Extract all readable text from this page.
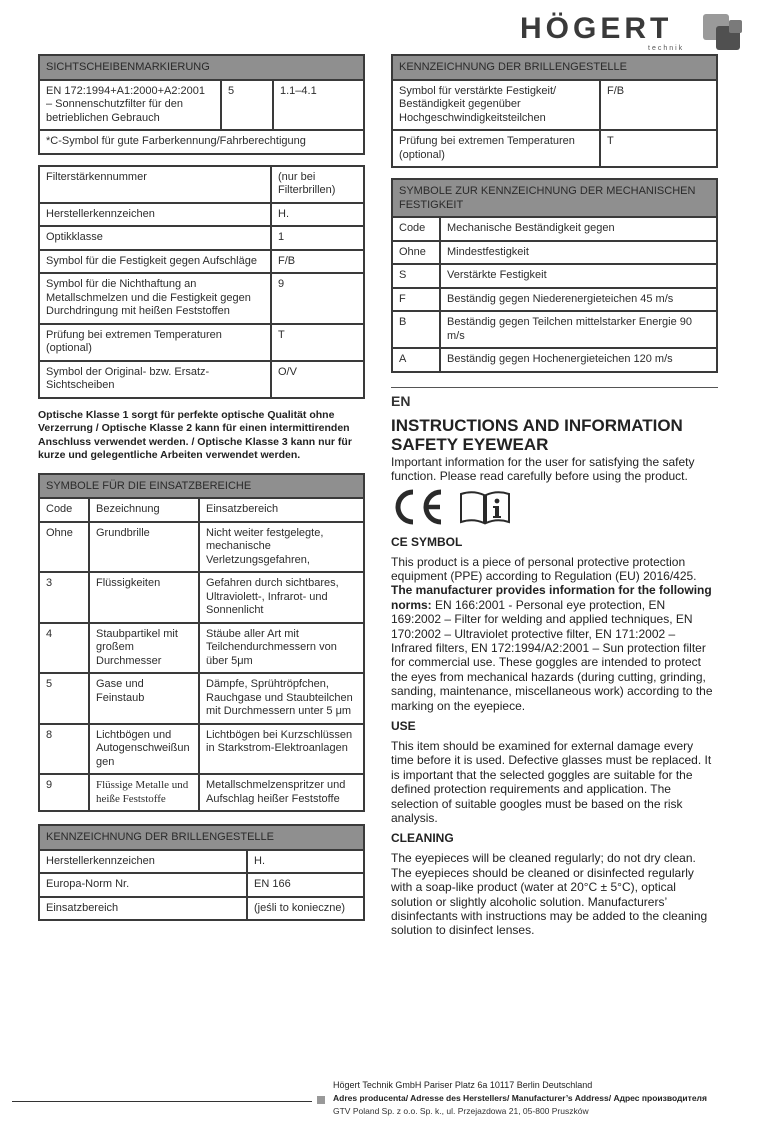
HÖGERT
technik
SICHTSCHEIBENMARKIERUNG
EN 172:1994+A1:2000+A2:2001 – Sonnenschutzfilter für den betrieblichen Gebrauch	5	1.1–4.1
*C-Symbol für gute Farberkennung/Fahrberechtigung
Filterstärkennummer	(nur bei Filterbrillen)
Herstellerkennzeichen	H.
Optikklasse	1
Symbol für die Festigkeit gegen Aufschläge	F/B
Symbol für die Nichthaftung an Metallschmelzen und die Festigkeit gegen Durchdringung mit heißen Feststoffen	9
Prüfung bei extremen Temperaturen (optional)	T
Symbol der Original- bzw. Ersatz-Sichtscheiben	O/V
Optische Klasse 1 sorgt für perfekte optische Qualität ohne Verzerrung / Optische Klasse 2 kann für einen intermittirenden Anschluss verwendet werden. / Optische Klasse 3 kann nur für kurze und gelegentliche Arbeiten verwendet werden.
SYMBOLE FÜR DIE EINSATZBEREICHE		
Code	Bezeichnung	Einsatzbereich
Ohne	Grundbrille	Nicht weiter festgelegte, mechanische Verletzungsgefahren,
3	Flüssigkeiten	Gefahren durch sichtbares, Ultraviolett-, Infrarot- und Sonnenlicht
4	Staubpartikel mit großem Durchmesser	Stäube aller Art mit Teilchendurchmessern von über 5μm
5	Gase und Feinstaub	Dämpfe, Sprühtröpfchen, Rauchgase und Staubteilchen mit Durchmessern unter 5 μm
8	Lichtbögen und Autogenschweißungen	Lichtbögen bei Kurzschlüssen in Starkstrom-Elektroanlagen
9	Flüssige Metalle und heiße Feststoffe	Metallschmelzenspritzer und Aufschlag heißer Feststoffe
KENNZEICHNUNG DER BRILLENGESTELLE	
Herstellerkennzeichen	H.
Europa-Norm Nr.	EN 166
Einsatzbereich	(jeśli to konieczne)
KENNZEICHNUNG DER BRILLENGESTELLE	
Symbol für verstärkte Festigkeit/ Beständigkeit gegenüber Hochgeschwindigkeitsteilchen	F/B
Prüfung bei extremen Temperaturen (optional)	T
SYMBOLE ZUR KENNZEICHNUNG DER MECHANISCHEN FESTIGKEIT	
Code	Mechanische Beständigkeit gegen
Ohne	Mindestfestigkeit
S	Verstärkte Festigkeit
F	Beständig gegen Niederenergieteichen 45 m/s
B	Beständig gegen Teilchen mittelstarker Energie 90 m/s
A	Beständig gegen Hochenergieteichen 120 m/s
EN
INSTRUCTIONS AND INFORMATION
SAFETY EYEWEAR
Important information for the user for satisfying the safety function. Please read carefully before using the product.
CE SYMBOL
This product is a piece of personal protective protection equipment (PPE) according to Regulation (EU) 2016/425. The manufacturer provides information for the following norms: EN 166:2001 - Personal eye protection, EN 169:2002 – Filter for welding and applied techniques, EN 170:2002 – Ultraviolet protective filter, EN 171:2002 – Infrared filters, EN 172:1994/A2:2001 – Sun protection filter for commercial use. These goggles are intended to protect the eyes from mechanical hazards (during cutting, grinding, sanding, maintenance, miscellaneous work) according to the marking on the eyepiece.
USE
This item should be examined for external damage every time before it is used. Defective glasses must be replaced. It is important that the selected goggles are suitable for the defined protection requirements and application. The selection of suitable googles must be based on the risk analysis.
CLEANING
The eyepieces will be cleaned regularly; do not dry clean. The eyepieces should be cleaned or disinfected regularly with a soap-like product (water at 20°C ± 5°C), optical solution or slightly alcoholic solution. Manufacturers’ disinfectants with instructions may be added to the cleaning solution to disinfect lenses.
Högert Technik GmbH Pariser Platz 6a 10117 Berlin Deutschland
Adres producenta/ Adresse des Herstellers/ Manufacturer’s Address/ Адрес производителя
GTV Poland Sp. z o.o. Sp. k., ul. Przejazdowa 21, 05-800 Pruszków
